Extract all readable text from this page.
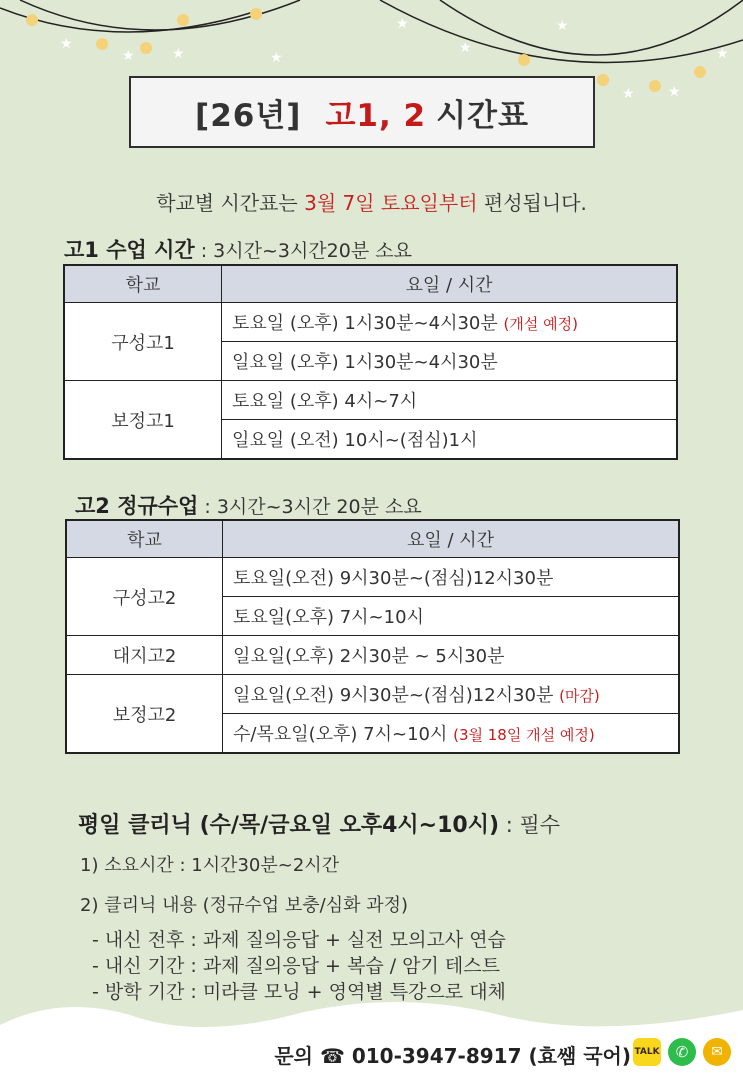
★
★	★	★
★
★
★
★ ★
★
[26년] 고1, 2 시간표
학교별 시간표는 3월 7일 토요일부터 편성됩니다.
고1 수업 시간 : 3시간~3시간20분 소요
학교	요일 / 시간
구성고1	토요일 (오후) 1시30분~4시30분 (개설 예정)
	일요일 (오후) 1시30분~4시30분
보정고1	토요일 (오후) 4시~7시
	일요일 (오전) 10시~(점심)1시
고2 정규수업 : 3시간~3시간 20분 소요
학교	요일 / 시간
구성고2	토요일(오전) 9시30분~(점심)12시30분
	토요일(오후) 7시~10시
대지고2	일요일(오후) 2시30분 ~ 5시30분
보정고2	일요일(오전) 9시30분~(점심)12시30분 (마감)
	수/목요일(오후) 7시~10시 (3월 18일 개설 예정)
평일 클리닉 (수/목/금요일 오후4시~10시) : 필수
1) 소요시간 : 1시간30분~2시간
2) 클리닉 내용 (정규수업 보충/심화 과정)
- 내신 전후 : 과제 질의응답 + 실전 모의고사 연습
- 내신 기간 : 과제 질의응답 + 복습 / 암기 테스트
- 방학 기간 : 미라클 모닝 + 영역별 특강으로 대체
문의 ☎ 010-3947-8917 (효쌤 국어) TALK	✆	✉
